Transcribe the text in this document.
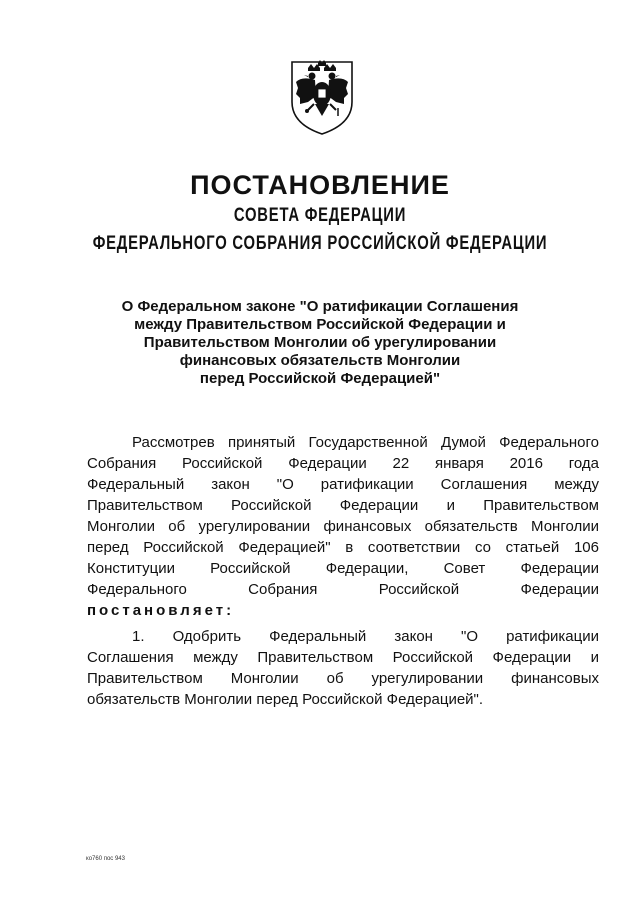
ПОСТАНОВЛЕНИЕ
СОВЕТА ФЕДЕРАЦИИ
ФЕДЕРАЛЬНОГО СОБРАНИЯ РОССИЙСКОЙ ФЕДЕРАЦИИ
О Федеральном законе "О ратификации Соглашения
между Правительством Российской Федерации и
Правительством Монголии об урегулировании
финансовых обязательств Монголии
перед Российской Федерацией"
Рассмотрев принятый Государственной Думой Федерального
Собрания Российской Федерации 22 января 2016 года
Федеральный закон "О ратификации Соглашения между
Правительством Российской Федерации и Правительством
Монголии об урегулировании финансовых обязательств Монголии
перед Российской Федерацией" в соответствии со статьей 106
Конституции Российской Федерации, Совет Федерации
Федерального Собрания Российской Федерации
постановляет:
1. Одобрить Федеральный закон "О ратификации
Соглашения между Правительством Российской Федерации и
Правительством Монголии об урегулировании финансовых
обязательств Монголии перед Российской Федерацией".
ко760 пос 943
